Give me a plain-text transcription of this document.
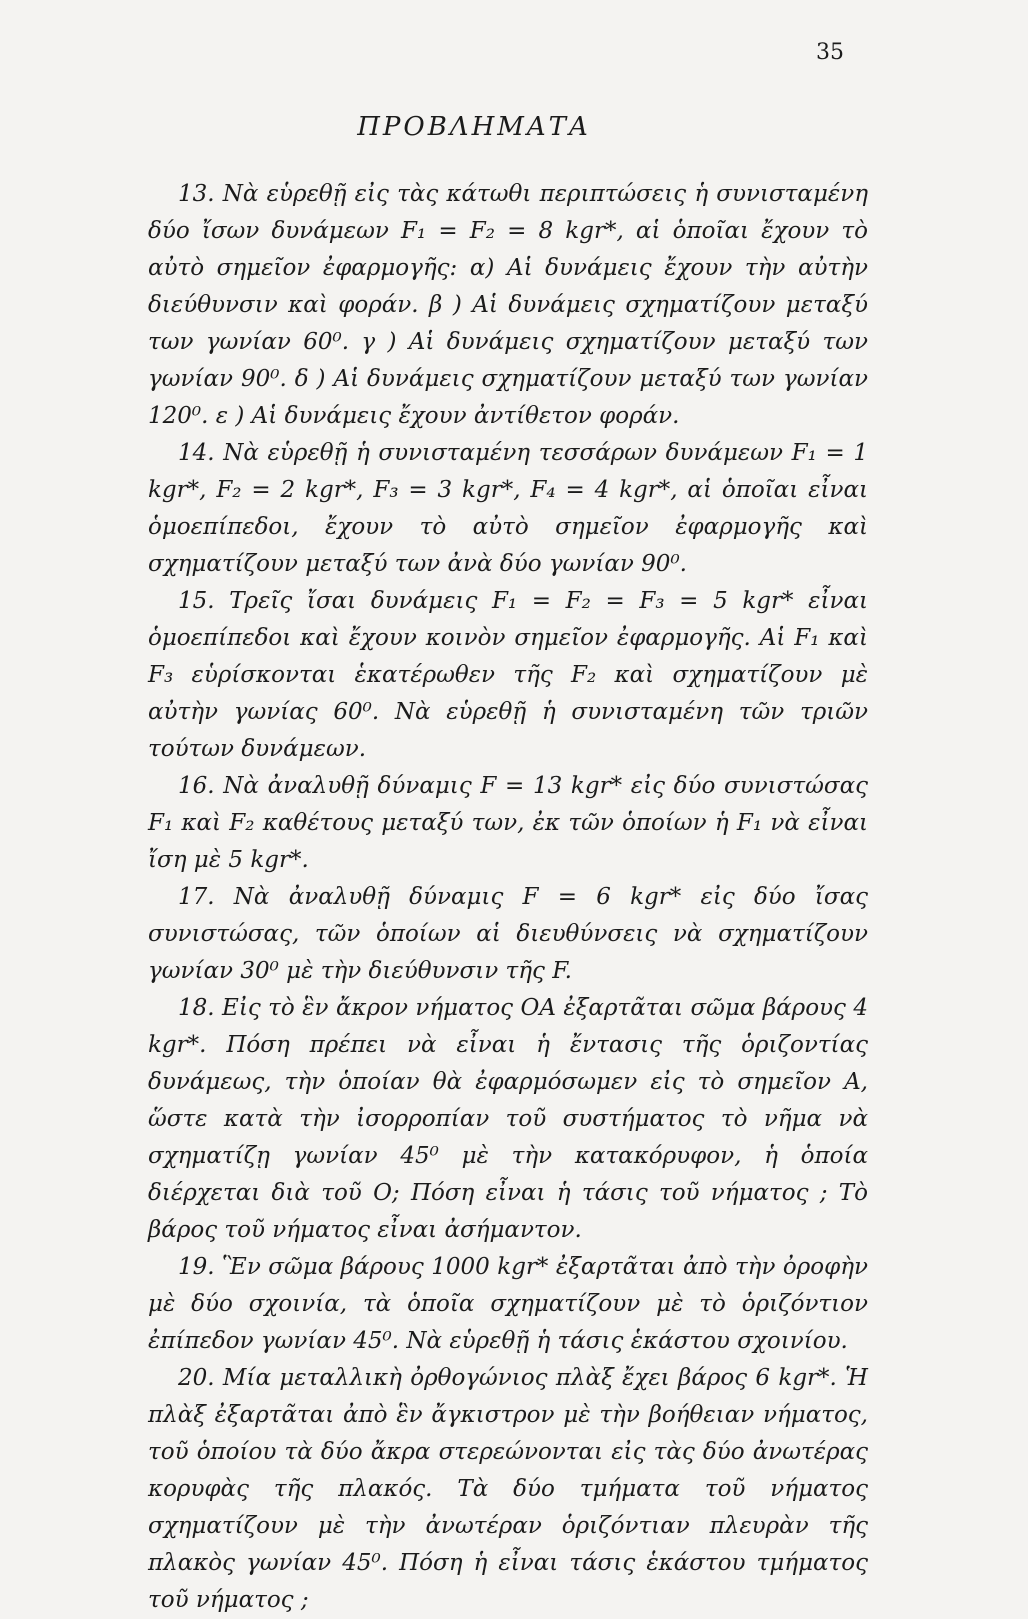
35
ΠΡΟΒΛΗΜΑΤΑ

13. Νὰ εὑρεθῇ εἰς τὰς κάτωθι περιπτώσεις ἡ συνισταμένη δύο ἴσων δυνάμεων F₁ = F₂ = 8 kgr*, αἱ ὁποῖαι ἔχουν τὸ αὐτὸ σημεῖον ἐφαρμογῆς: α) Αἱ δυνάμεις ἔχουν τὴν αὐτὴν διεύθυνσιν καὶ φοράν. β ) Αἱ δυνάμεις σχηματίζουν μεταξύ των γωνίαν 60⁰. γ ) Αἱ δυνάμεις σχηματίζουν μεταξύ των γωνίαν 90⁰. δ ) Αἱ δυνάμεις σχηματίζουν μεταξύ των γωνίαν 120⁰. ε ) Αἱ δυνάμεις ἔχουν ἀντίθετον φοράν.

14. Νὰ εὑρεθῇ ἡ συνισταμένη τεσσάρων δυνάμεων F₁ = 1 kgr*, F₂ = 2 kgr*, F₃ = 3 kgr*, F₄ = 4 kgr*, αἱ ὁποῖαι εἶναι ὁμοεπίπεδοι, ἔχουν τὸ αὐτὸ σημεῖον ἐφαρμογῆς καὶ σχηματίζουν μεταξύ των ἀνὰ δύο γωνίαν 90⁰.

15. Τρεῖς ἴσαι δυνάμεις F₁ = F₂ = F₃ = 5 kgr* εἶναι ὁμοεπίπεδοι καὶ ἔχουν κοινὸν σημεῖον ἐφαρμογῆς. Αἱ F₁ καὶ F₃ εὑρίσκονται ἑκατέρωθεν τῆς F₂ καὶ σχηματίζουν μὲ αὐτὴν γωνίας 60⁰. Νὰ εὑρεθῇ ἡ συνισταμένη τῶν τριῶν τούτων δυνάμεων.

16. Νὰ ἀναλυθῇ δύναμις F = 13 kgr* εἰς δύο συνιστώσας F₁ καὶ F₂ καθέτους μεταξύ των, ἐκ τῶν ὁποίων ἡ F₁ νὰ εἶναι ἴση μὲ 5 kgr*.

17. Νὰ ἀναλυθῇ δύναμις F = 6 kgr* εἰς δύο ἴσας συνιστώσας, τῶν ὁποίων αἱ διευθύνσεις νὰ σχηματίζουν γωνίαν 30⁰ μὲ τὴν διεύθυνσιν τῆς F.

18. Εἰς τὸ ἓν ἄκρον νήματος ΟΑ ἐξαρτᾶται σῶμα βάρους 4 kgr*. Πόση πρέπει νὰ εἶναι ἡ ἔντασις τῆς ὁριζοντίας δυνάμεως, τὴν ὁποίαν θὰ ἐφαρμόσωμεν εἰς τὸ σημεῖον Α, ὥστε κατὰ τὴν ἰσορροπίαν τοῦ συστήματος τὸ νῆμα νὰ σχηματίζῃ γωνίαν 45⁰ μὲ τὴν κατακόρυφον, ἡ ὁποία διέρχεται διὰ τοῦ Ο; Πόση εἶναι ἡ τάσις τοῦ νήματος ; Τὸ βάρος τοῦ νήματος εἶναι ἀσήμαντον.

19. Ἓν σῶμα βάρους 1000 kgr* ἐξαρτᾶται ἀπὸ τὴν ὀροφὴν μὲ δύο σχοινία, τὰ ὁποῖα σχηματίζουν μὲ τὸ ὁριζόντιον ἐπίπεδον γωνίαν 45⁰. Νὰ εὑρεθῇ ἡ τάσις ἑκάστου σχοινίου.

20. Μία μεταλλικὴ ὀρθογώνιος πλὰξ ἔχει βάρος 6 kgr*. Ἡ πλὰξ ἐξαρτᾶται ἀπὸ ἓν ἄγκιστρον μὲ τὴν βοήθειαν νήματος, τοῦ ὁποίου τὰ δύο ἄκρα στερεώνονται εἰς τὰς δύο ἀνωτέρας κορυφὰς τῆς πλακός. Τὰ δύο τμήματα τοῦ νήματος σχηματίζουν μὲ τὴν ἀνωτέραν ὁριζόντιαν πλευρὰν τῆς πλακὸς γωνίαν 45⁰. Πόση ἡ εἶναι τάσις ἑκάστου τμήματος τοῦ νήματος ;
